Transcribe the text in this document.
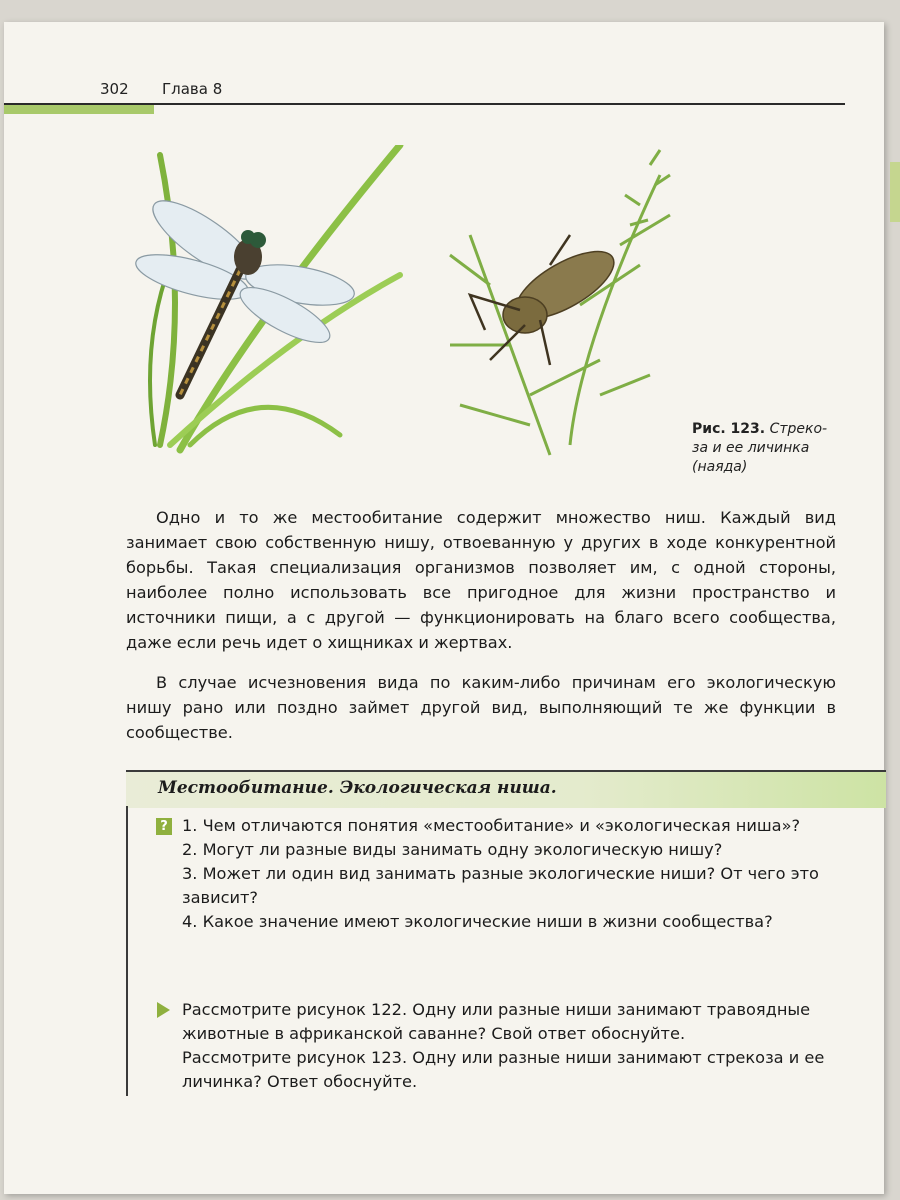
302 Глава 8
Рис. 123. Стреко-
за и ее личинка
(наяда)

Одно и то же местообитание содержит множество ниш. Каждый вид занимает свою собственную нишу, отвоеванную у других в ходе конкурентной борьбы. Такая специализация организмов позволяет им, с одной стороны, наиболее полно использовать все пригодное для жизни пространство и источники пищи, а с другой — функционировать на благо всего сообщества, даже если речь идет о хищниках и жертвах.

В случае исчезновения вида по каким-либо причинам его экологическую нишу рано или поздно займет другой вид, выполняющий те же функции в сообществе.

Местообитание. Экологическая ниша.
? 1. Чем отличаются понятия «местообитание» и «экологическая ниша»?
2. Могут ли разные виды занимать одну экологическую нишу?
3. Может ли один вид занимать разные экологические ниши? От чего это зависит?
4. Какое значение имеют экологические ниши в жизни сообщества?
Рассмотрите рисунок 122. Одну или разные ниши занимают травоядные животные в африканской саванне? Свой ответ обоснуйте.
Рассмотрите рисунок 123. Одну или разные ниши занимают стрекоза и ее личинка? Ответ обоснуйте.
